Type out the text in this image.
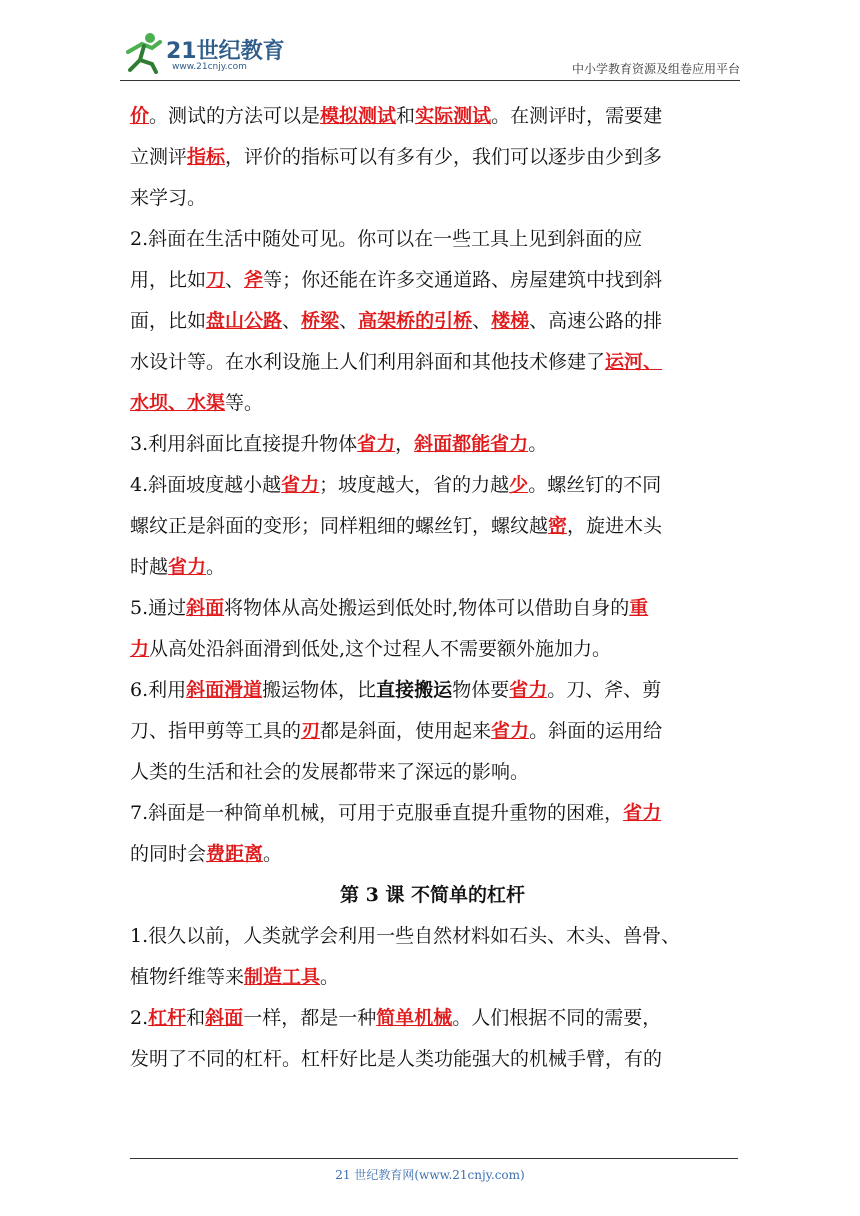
21世纪教育
www.21cnjy.com	中小学教育资源及组卷应用平台
价。测试的方法可以是模拟测试和实际测试。在测评时，需要建
立测评指标，评价的指标可以有多有少，我们可以逐步由少到多
来学习。
2.斜面在生活中随处可见。你可以在一些工具上见到斜面的应
用，比如刀、斧等；你还能在许多交通道路、房屋建筑中找到斜
面，比如盘山公路、桥梁、高架桥的引桥、楼梯、高速公路的排
水设计等。在水利设施上人们利用斜面和其他技术修建了运河、
水坝、水渠等。
3.利用斜面比直接提升物体省力，斜面都能省力。
4.斜面坡度越小越省力；坡度越大，省的力越少。螺丝钉的不同
螺纹正是斜面的变形；同样粗细的螺丝钉，螺纹越密，旋进木头
时越省力。
5.通过斜面将物体从高处搬运到低处时,物体可以借助自身的重
力从高处沿斜面滑到低处,这个过程人不需要额外施加力。
6.利用斜面滑道搬运物体，比直接搬运物体要省力。刀、斧、剪
刀、指甲剪等工具的刃都是斜面，使用起来省力。斜面的运用给
人类的生活和社会的发展都带来了深远的影响。
7.斜面是一种简单机械，可用于克服垂直提升重物的困难，省力
的同时会费距离。
第 3 课 不简单的杠杆
1.很久以前，人类就学会利用一些自然材料如石头、木头、兽骨、
植物纤维等来制造工具。
2.杠杆和斜面一样，都是一种简单机械。人们根据不同的需要，
发明了不同的杠杆。杠杆好比是人类功能强大的机械手臂，有的
21 世纪教育网(www.21cnjy.com)
